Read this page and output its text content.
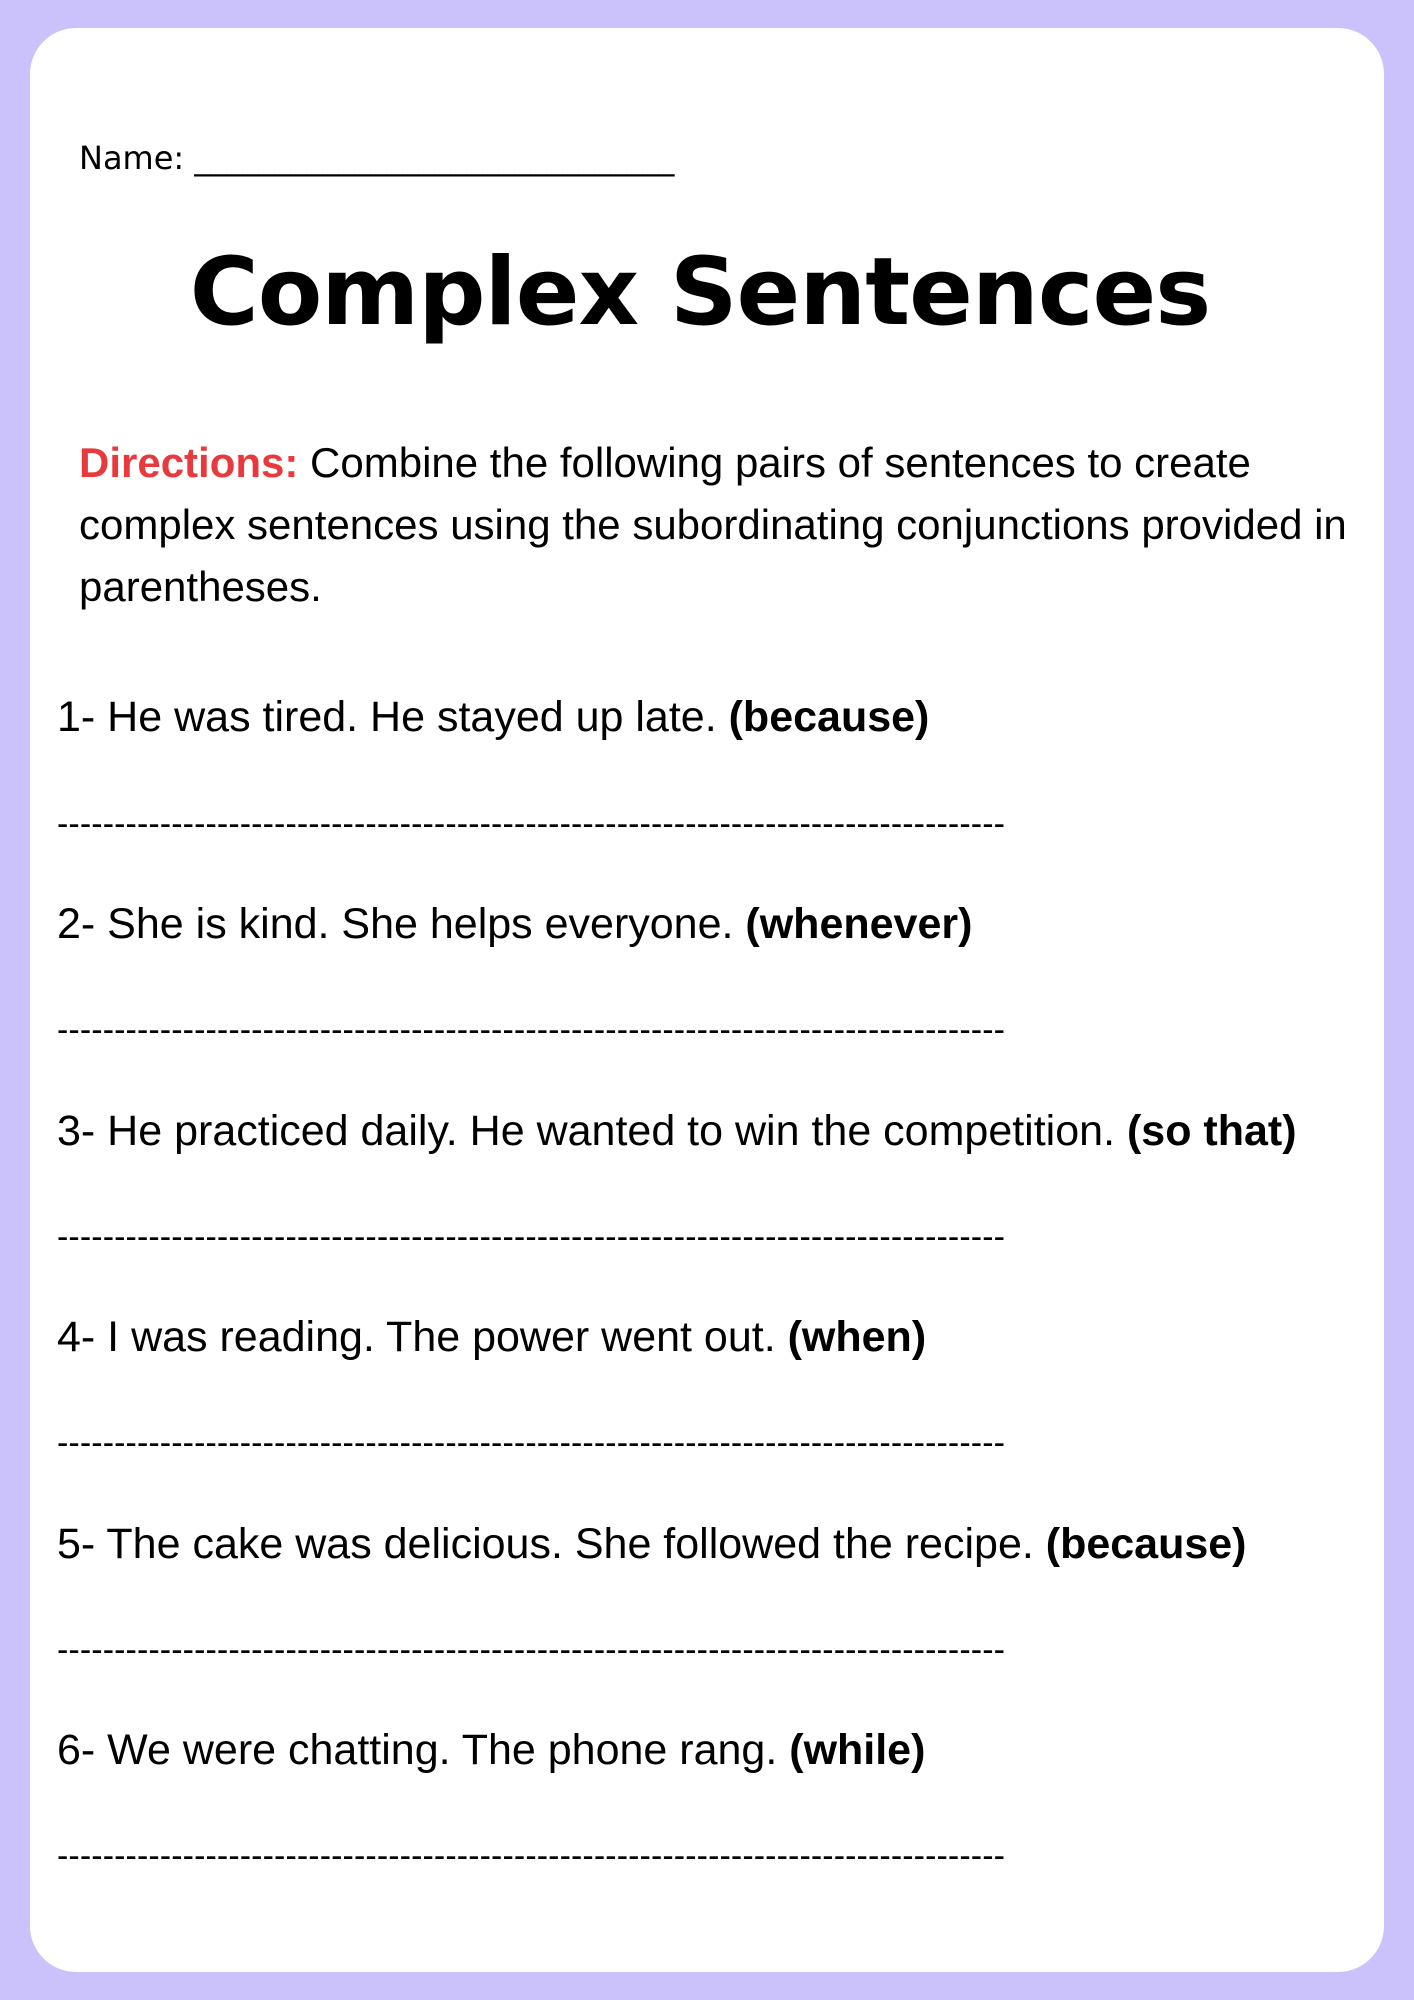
Name: ______________________________
Complex Sentences
Directions: Combine the following pairs of sentences to create complex sentences using the subordinating conjunctions provided in parentheses.
1- He was tired. He stayed up late. (because)
-----------------------------------------------------------------------------------
2- She is kind. She helps everyone. (whenever)
-----------------------------------------------------------------------------------
3- He practiced daily. He wanted to win the competition. (so that)
-----------------------------------------------------------------------------------
4- I was reading. The power went out. (when)
-----------------------------------------------------------------------------------
5- The cake was delicious. She followed the recipe. (because)
-----------------------------------------------------------------------------------
6- We were chatting. The phone rang. (while)
-----------------------------------------------------------------------------------
